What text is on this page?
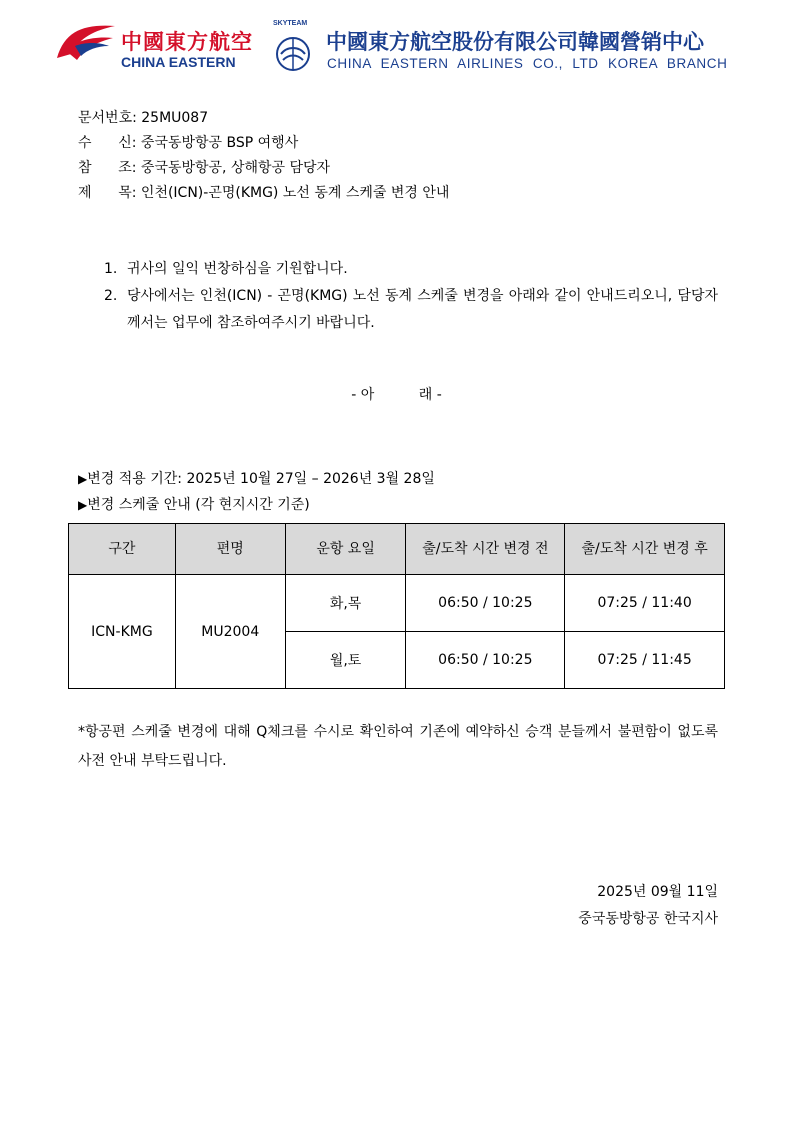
中國東方航空
CHINA EASTERN
SKYTEAM
中國東方航空股份有限公司韓國營销中心
CHINA EASTERN AIRLINES CO., LTD KOREA BRANCH
문서번호: 25MU087
수      신: 중국동방항공 BSP 여행사
참      조: 중국동방항공, 상해항공 담당자
제      목: 인천(ICN)-곤명(KMG) 노선 동계 스케줄 변경 안내
1. 귀사의 일익 번창하심을 기원합니다.
2. 당사에서는 인천(ICN) - 곤명(KMG) 노선 동계 스케줄 변경을 아래와 같이 안내드리오니, 담당자께서는 업무에 참조하여주시기 바랍니다.
- 아          래 -
▶변경 적용 기간: 2025년 10월 27일 – 2026년 3월 28일
▶변경 스케줄 안내 (각 현지시간 기준)
구간	편명	운항 요일	출/도착 시간 변경 전	출/도착 시간 변경 후
ICN-KMG	MU2004	화,목	06:50 / 10:25	07:25 / 11:40
		월,토	06:50 / 10:25	07:25 / 11:45
*항공편 스케줄 변경에 대해 Q체크를 수시로 확인하여 기존에 예약하신 승객 분들께서 불편함이 없도록 사전 안내 부탁드립니다.
2025년 09월 11일
중국동방항공 한국지사
